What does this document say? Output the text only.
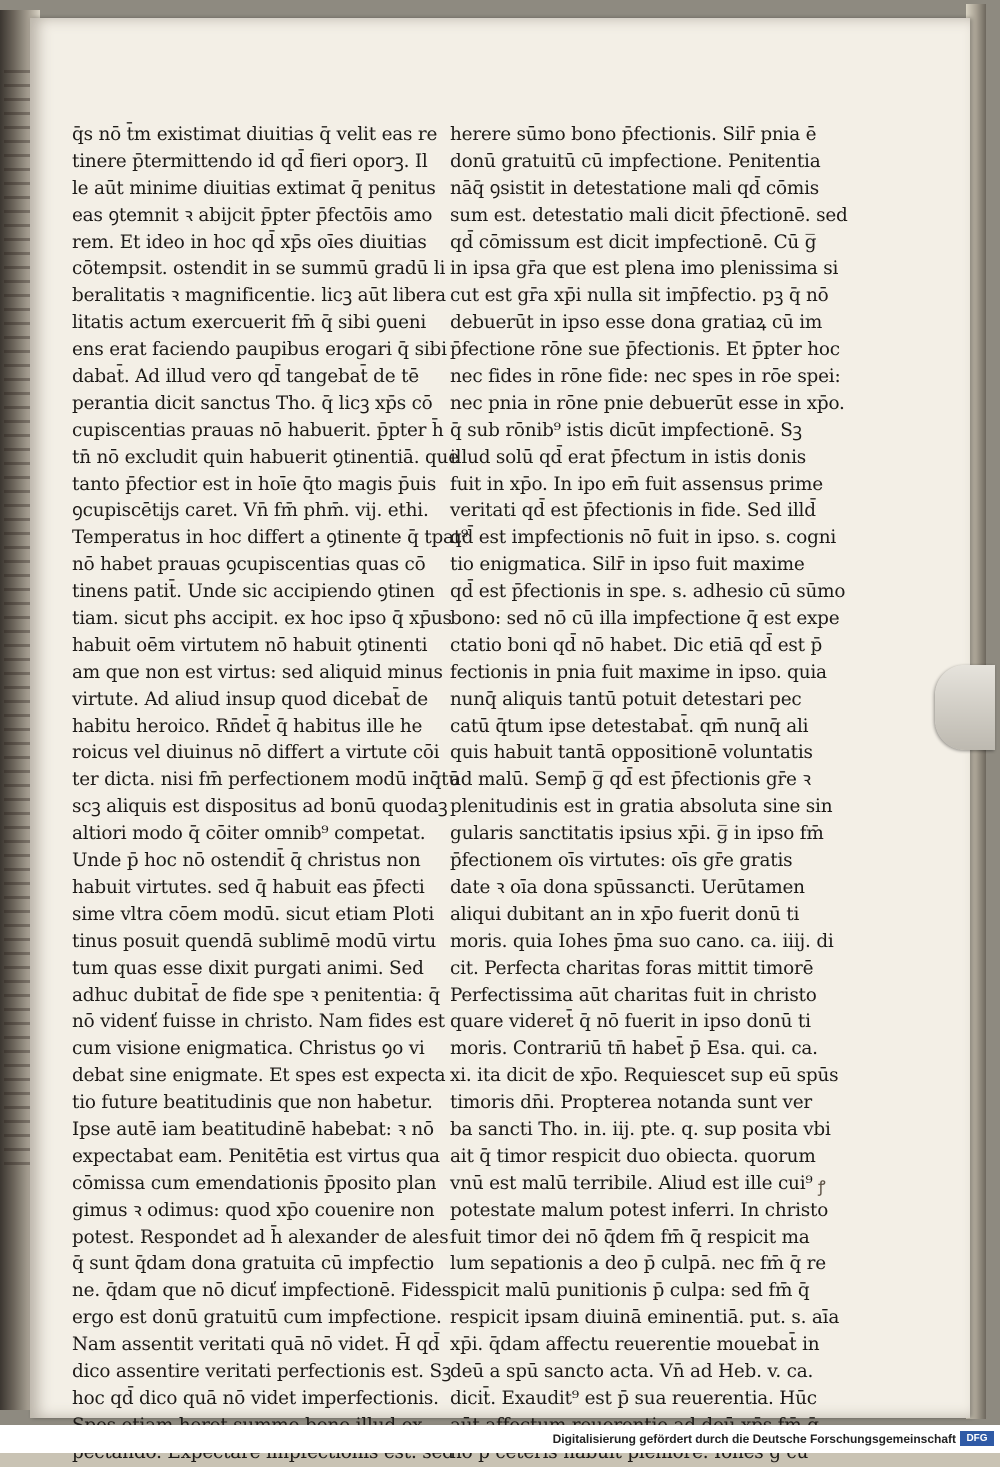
q̄s nō t̄m existimat diuitias q̄ velit eas re
tinere p̄termittendo id qd̄ fieri oporꝫ. Il
le aūt minime diuitias extimat q̄ penitus
eas ꝯtemnit ꝛ abijcit p̄pter p̄fectōis amo
rem. Et ideo in hoc qd̄ xp̄s oīes diuitias
cōtempsit. ostendit in se summū gradū li
beralitatis ꝛ magnificentie. licꝫ aūt libera
litatis actum exercuerit fm̄ q̄ sibi ꝯueni
ens erat faciendo paupibus erogari q̄ sibi
dabat̄. Ad illud vero qd̄ tangebat̄ de tē
perantia dicit sanctus Tho. q̄ licꝫ xp̄s cō
cupiscentias prauas nō habuerit. p̄pter h̄
tn̄ nō excludit quin habuerit ꝯtinentiā. que
tanto p̄fectior est in hoīe q̄to magis p̄uis
ꝯcupiscētijs caret. Vn̄ fm̄ phm̄. vij. ethi.
Temperatus in hoc differt a ꝯtinente q̄ tpat⁹
nō habet prauas ꝯcupiscentias quas cō
tinens patit̄. Unde sic accipiendo ꝯtinen
tiam. sicut phs accipit. ex hoc ipso q̄ xp̄us
habuit oēm virtutem nō habuit ꝯtinenti
am que non est virtus: sed aliquid minus
virtute. Ad aliud insup quod dicebat̄ de
habitu heroico. Rn̄det̄ q̄ habitus ille he
roicus vel diuinus nō differt a virtute cōi
ter dicta. nisi fm̄ perfectionem modū inq̄tū
scꝫ aliquis est dispositus ad bonū quodaꝫ
altiori modo q̄ cōiter omnib⁹ competat.
Unde p̄ hoc nō ostendit̄ q̄ christus non
habuit virtutes. sed q̄ habuit eas p̄fecti
sime vltra cōem modū. sicut etiam Ploti
tinus posuit quendā sublimē modū virtu
tum quas esse dixit purgati animi. Sed
adhuc dubitat̄ de fide spe ꝛ penitentia: q̄
nō videnť fuisse in christo. Nam fides est
cum visione enigmatica. Christus ꝯo vi
debat sine enigmate. Et spes est expecta
tio future beatitudinis que non habetur.
Ipse autē iam beatitudinē habebat: ꝛ nō
expectabat eam. Penitētia est virtus qua
cōmissa cum emendationis p̄posito plan
gimus ꝛ odimus: quod xp̄o couenire non
potest. Respondet ad h̄ alexander de ales
q̄ sunt q̄dam dona gratuita cū impfectio
ne. q̄dam que nō dicuť impfectionē. Fides
ergo est donū gratuitū cum impfectione.
Nam assentit veritati quā nō videt. H̄ qd̄
dico assentire veritati perfectionis est. Sꝫ
hoc qd̄ dico quā nō videt imperfectionis.
herere sūmo bono p̄fectionis. Silr̄ pnia ē
donū gratuitū cū impfectione. Penitentia
nāq̄ ꝯsistit in detestatione mali qd̄ cōmis
sum est. detestatio mali dicit p̄fectionē. sed
qd̄ cōmissum est dicit impfectionē. Cū g̅
in ipsa gr̄a que est plena imo plenissima si
cut est gr̄a xp̄i nulla sit imp̄fectio. pꝫ q̄ nō
debuerūt in ipso esse dona gratiaꝝ cū im
p̄fectione rōne sue p̄fectionis. Et p̄pter hoc
nec fides in rōne fide: nec spes in rōe spei:
nec pnia in rōne pnie debuerūt esse in xp̄o.
q̄ sub rōnib⁹ istis dicūt impfectionē. Sꝫ
illud solū qd̄ erat p̄fectum in istis donis
fuit in xp̄o. In ipo em̄ fuit assensus prime
veritati qd̄ est p̄fectionis in fide. Sed illd̄
qd̄ est impfectionis nō fuit in ipso. s. cogni
tio enigmatica. Silr̄ in ipso fuit maxime
qd̄ est p̄fectionis in spe. s. adhesio cū sūmo
bono: sed nō cū illa impfectione q̄ est expe
ctatio boni qd̄ nō habet. Dic etiā qd̄ est p̄
fectionis in pnia fuit maxime in ipso. quia
nunq̄ aliquis tantū potuit detestari pec
catū q̄tum ipse detestabat̄. qm̄ nunq̄ ali
quis habuit tantā oppositionē voluntatis
ad malū. Semp̄ g̅ qd̄ est p̄fectionis gr̄e ꝛ
plenitudinis est in gratia absoluta sine sin
gularis sanctitatis ipsius xp̄i. g̅ in ipso fm̄
p̄fectionem oīs virtutes: oīs gr̄e gratis
date ꝛ oīa dona spūssancti. Uerūtamen
aliqui dubitant an in xp̄o fuerit donū ti
moris. quia Iohes p̄ma suo cano. ca. iiij. di
cit. Perfecta charitas foras mittit timorē
Perfectissima aūt charitas fuit in christo
quare videret̄ q̄ nō fuerit in ipso donū ti
moris. Contrariū tn̄ habet̄ p̄ Esa. qui. ca.
xi. ita dicit de xp̄o. Requiescet sup eū spūs
timoris dn̄i. Propterea notanda sunt ver
ba sancti Tho. in. iij. pte. q. sup posita vbi
ait q̄ timor respicit duo obiecta. quorum
vnū est malū terribile. Aliud est ille cui⁹
potestate malum potest inferri. In christo
fuit timor dei nō q̄dem fm̄ q̄ respicit ma
lum sepationis a deo p̄ culpā. nec fm̄ q̄ re
spicit malū punitionis p̄ culpa: sed fm̄ q̄
respicit ipsam diuinā eminentiā. put. s. aīa
xp̄i. q̄dam affectu reuerentie mouebat̄ in
deū a spū sancto acta. Vn̄ ad Heb. v. ca.
dicit̄. Exaudit⁹ est p̄ sua reuerentia. Hūc
ꝭ
Digitalisierung gefördert durch die Deutsche Forschungsgemeinschaft	DFG
